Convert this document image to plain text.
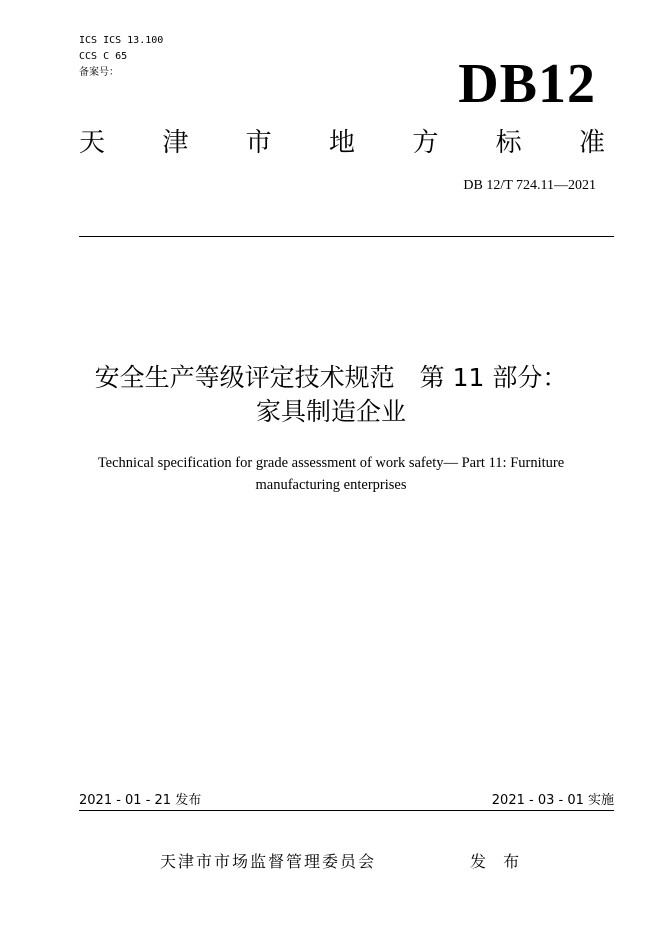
ICS ICS 13.100
CCS C 65
备案号：	DB12
天 津 市 地 方 标 准
DB 12/T 724.11—2021
安全生产等级评定技术规范　第 11 部分：
家具制造企业
Technical specification for grade assessment of work safety— Part 11: Furniture
manufacturing enterprises
2021 - 01 - 21 发布	2021 - 03 - 01 实施
天津市市场监督管理委员会	发 布
